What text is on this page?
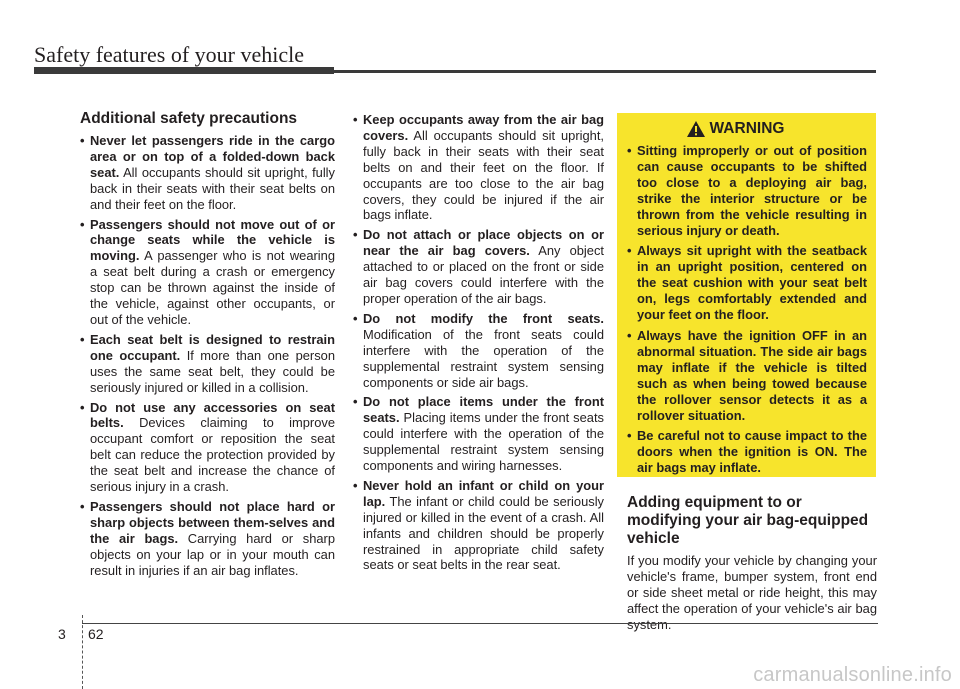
Safety features of your vehicle
Additional safety precautions
• Never let passengers ride in the cargo area or on top of a folded-down back seat. All occupants should sit upright, fully back in their seats with their seat belts on and their feet on the floor.
• Passengers should not move out of or change seats while the vehicle is moving. A passenger who is not wearing a seat belt during a crash or emergency stop can be thrown against the inside of the vehicle, against other occupants, or out of the vehicle.
• Each seat belt is designed to restrain one occupant. If more than one person uses the same seat belt, they could be seriously injured or killed in a collision.
• Do not use any accessories on seat belts. Devices claiming to improve occupant comfort or reposition the seat belt can reduce the protection provided by the seat belt and increase the chance of serious injury in a crash.
• Passengers should not place hard or sharp objects between them-selves and the air bags. Carrying hard or sharp objects on your lap or in your mouth can result in injuries if an air bag inflates.
• Keep occupants away from the air bag covers. All occupants should sit upright, fully back in their seats with their seat belts on and their feet on the floor. If occupants are too close to the air bag covers, they could be injured if the air bags inflate.
• Do not attach or place objects on or near the air bag covers. Any object attached to or placed on the front or side air bag covers could interfere with the proper operation of the air bags.
• Do not modify the front seats. Modification of the front seats could interfere with the operation of the supplemental restraint system sensing components or side air bags.
• Do not place items under the front seats. Placing items under the front seats could interfere with the operation of the supplemental restraint system sensing components and wiring harnesses.
• Never hold an infant or child on your lap. The infant or child could be seriously injured or killed in the event of a crash. All infants and children should be properly restrained in appropriate child safety seats or seat belts in the rear seat.
WARNING
• Sitting improperly or out of position can cause occupants to be shifted too close to a deploying air bag, strike the interior structure or be thrown from the vehicle resulting in serious injury or death.
• Always sit upright with the seatback in an upright position, centered on the seat cushion with your seat belt on, legs comfortably extended and your feet on the floor.
• Always have the ignition OFF in an abnormal situation. The side air bags may inflate if the vehicle is tilted such as when being towed because the rollover sensor detects it as a rollover situation.
• Be careful not to cause impact to the doors when the ignition is ON. The air bags may inflate.
Adding equipment to or modifying your air bag-equipped vehicle

If you modify your vehicle by changing your vehicle's frame, bumper system, front end or side sheet metal or ride height, this may affect the operation of your vehicle's air bag system.

3 62
carmanualsonline.info
